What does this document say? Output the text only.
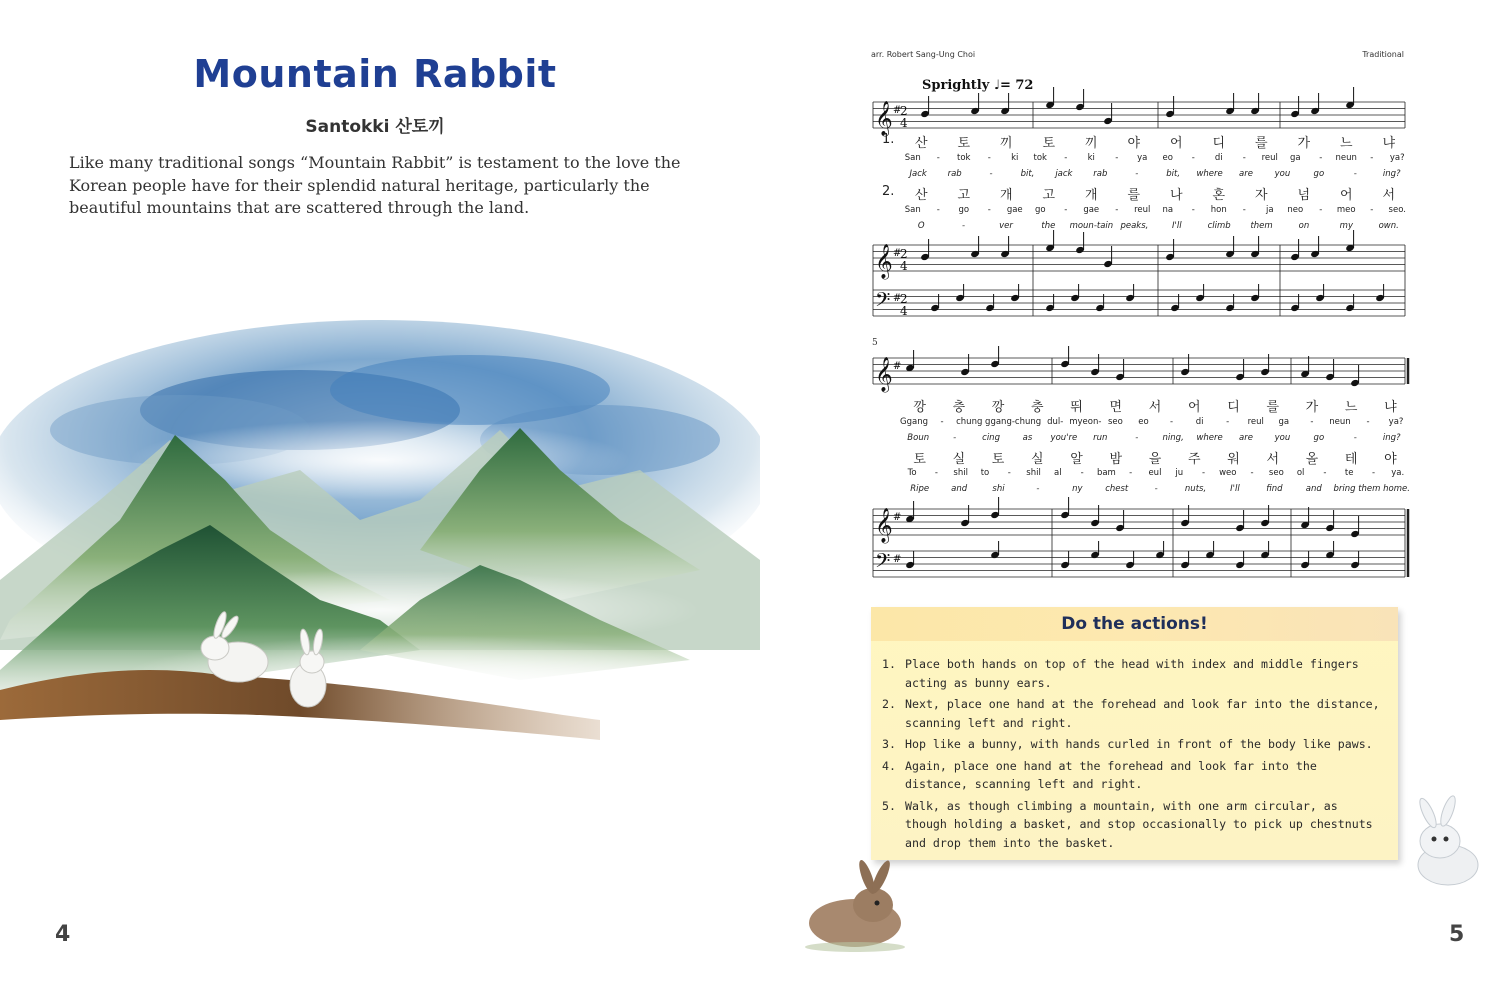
Mountain Rabbit
Santokki 산토끼
Like many traditional songs “Mountain Rabbit” is testament to the love the Korean people have for their splendid natural heritage, particularly the beautiful mountains that are scattered through the land.
4
arr. Robert Sang-Ung Choi	Traditional
Sprightly ♩= 72
𝄞
𝄞
𝄞
𝄞
𝄢
𝄢
2
4
2
4
2
4
#
#
#
#
#
#
5
1.	산	토	끼	토	끼	야	어	디	를	가	느	냐
San	-	tok	-	ki	tok	-	ki	-	ya	eo	-	di	-	reul	ga	-	neun	-	ya?
Jack	rab	-	bit,	jack	rab	-	bit,	where	are	you	go	-	ing?
2.	산	고	개	고	개	를	나	혼	자	넘	어	서
San	-	go	-	gae	go	-	gae	-	reul	na	-	hon	-	ja	neo	-	meo	-	seo.
O	-	ver	the	moun-tain peaks,	I'll	climb	them	on	my	own.
깡	충	깡	충	뛰	면	서	어	디	를	가	느	냐
Ggang	-	chung ggang-chung dul- myeon- seo	eo	-	di	-	reul	ga	-	neun	-	ya?
Boun	-	cing	as	you're	run	-	ning,	where	are	you	go	-	ing?
토	실	토	실	알	밤	을	주	워	서	올	테	야
To	-	shil	to	-	shil	al	-	bam	-	eul	ju	-	weo	-	seo	ol	-	te	-	ya.
Ripe	and	shi	-	ny	chest	-	nuts,	I'll	find	and	bring them home.
Do the actions!
1. Place both hands on top of the head with index and middle fingers acting as bunny ears.
2. Next, place one hand at the forehead and look far into the distance, scanning left and right.
3. Hop like a bunny, with hands curled in front of the body like paws.
4. Again, place one hand at the forehead and look far into the distance, scanning left and right.
5. Walk, as though climbing a mountain, with one arm circular, as though holding a basket, and stop occasionally to pick up chestnuts and drop them into the basket.
5
